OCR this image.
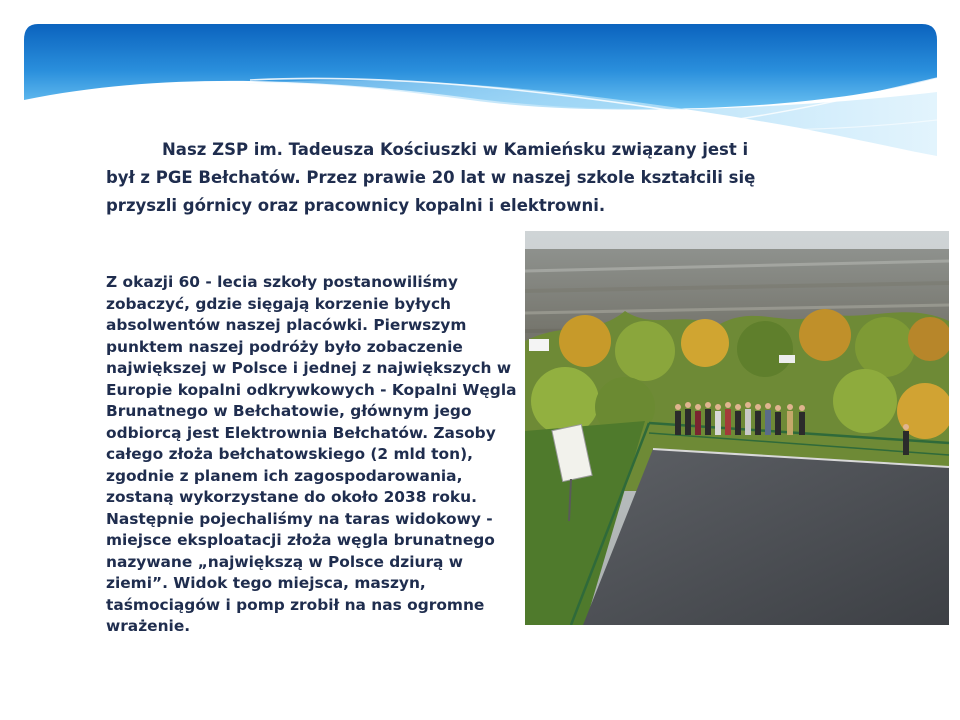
Nasz ZSP im. Tadeusza Kościuszki w Kamieńsku związany jest i był z PGE Bełchatów. Przez prawie 20 lat w naszej szkole kształcili się przyszli górnicy oraz pracownicy kopalni i elektrowni.

Z okazji 60 - lecia szkoły postanowiliśmy zobaczyć, gdzie sięgają korzenie byłych absolwentów naszej placówki. Pierwszym punktem naszej podróży było zobaczenie największej w Polsce i jednej z największych w Europie kopalni odkrywkowych - Kopalni Węgla Brunatnego w Bełchatowie, głównym jego odbiorcą jest Elektrownia Bełchatów. Zasoby całego złoża bełchatowskiego (2 mld ton), zgodnie z planem ich zagospodarowania, zostaną wykorzystane do około 2038 roku. Następnie pojechaliśmy na taras widokowy - miejsce eksploatacji złoża węgla brunatnego nazywane „największą w Polsce dziurą w ziemi”. Widok tego miejsca, maszyn, taśmociągów i pomp zrobił na nas ogromne wrażenie.
